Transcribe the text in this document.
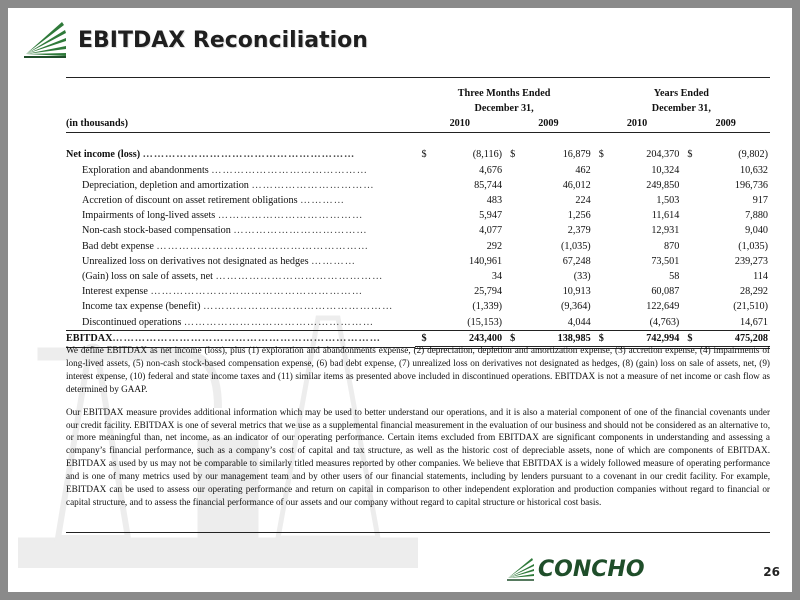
EBITDAX Reconciliation
	Three Months Ended				Years Ended			
	December 31,				December 31,			
(in thousands)	2010		2009		2010		2009	

Net income (loss) …………………………………………………	$	(8,116)	$	16,879	$	204,370	$	(9,802)
Exploration and abandonments ……………………………………		4,676		462		10,324		10,632
Depreciation, depletion and amortization ……………………………		85,744		46,012		249,850		196,736
Accretion of discount on asset retirement obligations …………		483		224		1,503		917
Impairments of long-lived assets …………………………………		5,947		1,256		11,614		7,880
Non-cash stock-based compensation ………………………………		4,077		2,379		12,931		9,040
Bad debt expense …………………………………………………		292		(1,035)		870		(1,035)
Unrealized loss on derivatives not designated as hedges …………		140,961		67,248		73,501		239,273
(Gain) loss on sale of assets, net ………………………………………		34		(33)		58		114
Interest expense …………………………………………………		25,794		10,913		60,087		28,292
Income tax expense (benefit) ……………………………………………		(1,339)		(9,364)		122,649		(21,510)
Discontinued operations ……………………………………………		(15,153)		4,044		(4,763)		14,671
EBITDAX………………………………………………………………	$	243,400	$	138,985	$	742,994	$	475,208

We define EBITDAX as net income (loss), plus (1) exploration and abandonments expense, (2) depreciation, depletion and amortization expense, (3) accretion expense, (4) impairments of long-lived assets, (5) non-cash stock-based compensation expense, (6) bad debt expense, (7) unrealized loss on derivatives not designated as hedges, (8) (gain) loss on sale of assets, net, (9) interest expense, (10) federal and state income taxes and (11) similar items as presented above included in discontinued operations. EBITDAX is not a measure of net income or cash flow as determined by GAAP.

Our EBITDAX measure provides additional information which may be used to better understand our operations, and it is also a material component of one of the financial covenants under our credit facility. EBITDAX is one of several metrics that we use as a supplemental financial measurement in the evaluation of our business and should not be considered as an alternative to, or more meaningful than, net income, as an indicator of our operating performance. Certain items excluded from EBITDAX are significant components in understanding and assessing a company’s financial performance, such as a company’s cost of capital and tax structure, as well as the historic cost of depreciable assets, none of which are components of EBITDAX. EBITDAX as used by us may not be comparable to similarly titled measures reported by other companies. We believe that EBITDAX is a widely followed measure of operating performance and is one of many metrics used by our management team and by other users of our financial statements, including by lenders pursuant to a covenant in our credit facility. For example, EBITDAX can be used to assess our operating performance and return on capital in comparison to other independent exploration and production companies without regard to financial or capital structure, and to assess the financial performance of our assets and our company without regard to capital structure or historical cost basis.

CONCHO	26
